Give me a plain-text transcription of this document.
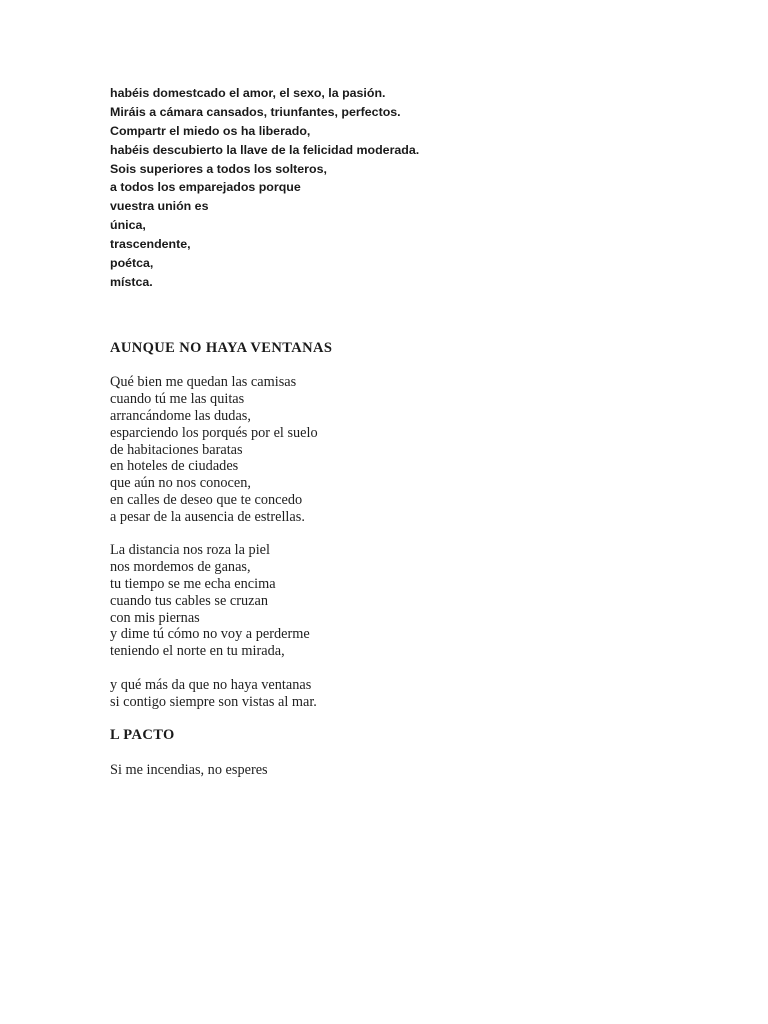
habéis domestcado el amor, el sexo, la pasión.
Miráis a cámara cansados, triunfantes, perfectos.
Compartr el miedo os ha liberado,
habéis descubierto la llave de la felicidad moderada.
Sois superiores a todos los solteros,
a todos los emparejados porque
vuestra unión es
única,
trascendente,
poétca,
místca.
AUNQUE NO HAYA VENTANAS
Qué bien me quedan las camisas
cuando tú me las quitas
arrancándome las dudas,
esparciendo los porqués por el suelo
de habitaciones baratas
en hoteles de ciudades
que aún no nos conocen,
en calles de deseo que te concedo
a pesar de la ausencia de estrellas.
La distancia nos roza la piel
nos mordemos de ganas,
tu tiempo se me echa encima
cuando tus cables se cruzan
con mis piernas
y dime tú cómo no voy a perderme
teniendo el norte en tu mirada,
y qué más da que no haya ventanas
si contigo siempre son vistas al mar.
L PACTO
Si me incendias, no esperes
